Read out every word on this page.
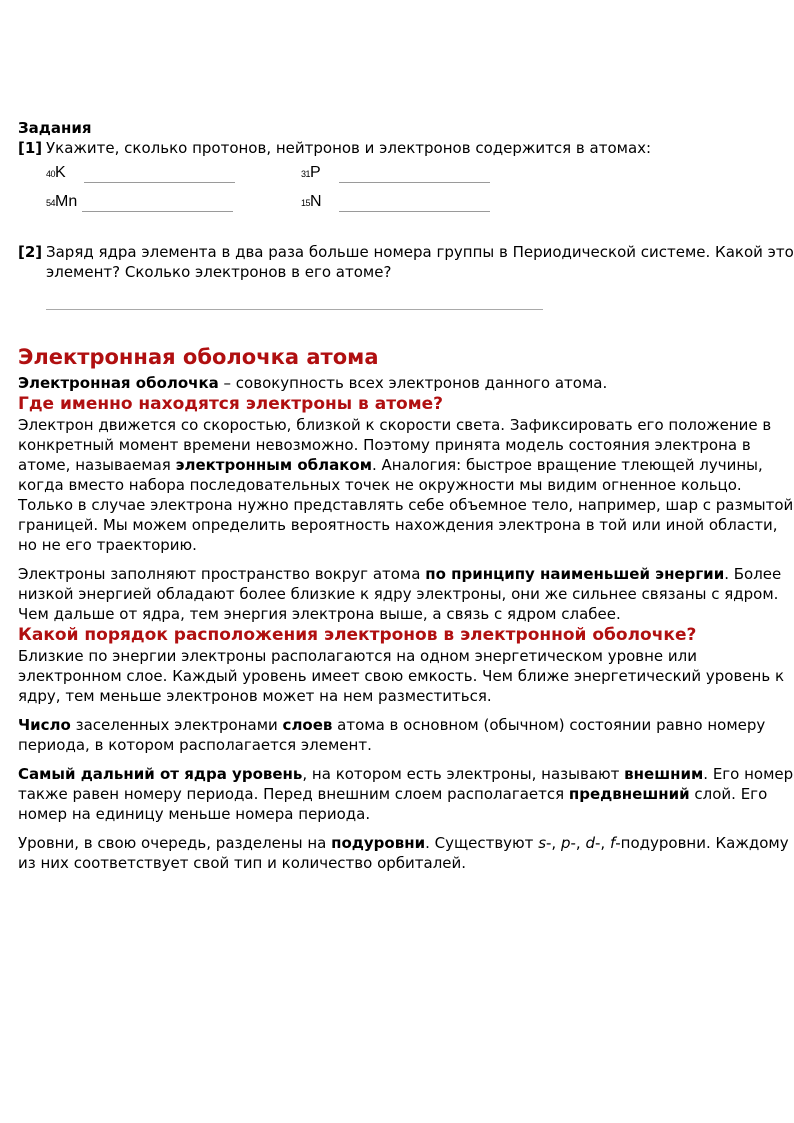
Задания
[1] Укажите, сколько протонов, нейтронов и электронов содержится в атомах:
40 K	31 P
54 Mn	15 N
[2] Заряд ядра элемента в два раза больше номера группы в Периодической системе. Какой это элемент? Сколько электронов в его атоме?
Электронная оболочка атома

Электронная оболочка – совокупность всех электронов данного атома.

Где именно находятся электроны в атоме?

Электрон движется со скоростью, близкой к скорости света. Зафиксировать его положение в конкретный момент времени невозможно. Поэтому принята модель состояния электрона в атоме, называемая электронным облаком. Аналогия: быстрое вращение тлеющей лучины, когда вместо набора последовательных точек не окружности мы видим огненное кольцо. Только в случае электрона нужно представлять себе объемное тело, например, шар с размытой границей. Мы можем определить вероятность нахождения электрона в той или иной области, но не его траекторию.

Электроны заполняют пространство вокруг атома по принципу наименьшей энергии. Более низкой энергией обладают более близкие к ядру электроны, они же сильнее связаны с ядром. Чем дальше от ядра, тем энергия электрона выше, а связь с ядром слабее.

Какой порядок расположения электронов в электронной оболочке?

Близкие по энергии электроны располагаются на одном энергетическом уровне или электронном слое. Каждый уровень имеет свою емкость. Чем ближе энергетический уровень к ядру, тем меньше электронов может на нем разместиться.

Число заселенных электронами слоев атома в основном (обычном) состоянии равно номеру периода, в котором располагается элемент.

Самый дальний от ядра уровень, на котором есть электроны, называют внешним. Его номер также равен номеру периода. Перед внешним слоем располагается предвнешний слой. Его номер на единицу меньше номера периода.

Уровни, в свою очередь, разделены на подуровни. Существуют s-, p-, d-, f-подуровни. Каждому из них соответствует свой тип и количество орбиталей.
